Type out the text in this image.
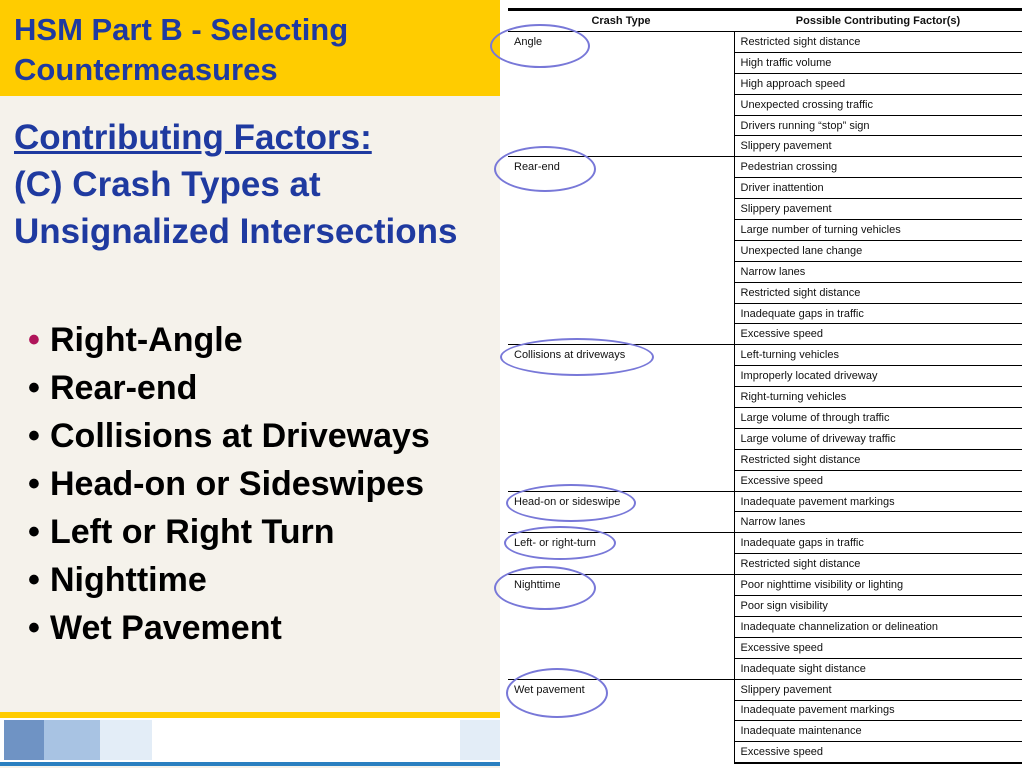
HSM Part B - Selecting Countermeasures
Contributing Factors:
(C) Crash Types at Unsignalized Intersections
• Right-Angle
• Rear-end
• Collisions at Driveways
• Head-on or Sideswipes
• Left or Right Turn
• Nighttime
• Wet Pavement
Crash Type	Possible Contributing Factor(s)
Angle	Restricted sight distance
	High traffic volume
	High approach speed
	Unexpected crossing traffic
	Drivers running “stop” sign
	Slippery pavement
Rear-end	Pedestrian crossing
	Driver inattention
	Slippery pavement
	Large number of turning vehicles
	Unexpected lane change
	Narrow lanes
	Restricted sight distance
	Inadequate gaps in traffic
	Excessive speed
Collisions at driveways	Left-turning vehicles
	Improperly located driveway
	Right-turning vehicles
	Large volume of through traffic
	Large volume of driveway traffic
	Restricted sight distance
	Excessive speed
Head-on or sideswipe	Inadequate pavement markings
	Narrow lanes
Left- or right-turn	Inadequate gaps in traffic
	Restricted sight distance
Nighttime	Poor nighttime visibility or lighting
	Poor sign visibility
	Inadequate channelization or delineation
	Excessive speed
	Inadequate sight distance
Wet pavement	Slippery pavement
	Inadequate pavement markings
	Inadequate maintenance
	Excessive speed
